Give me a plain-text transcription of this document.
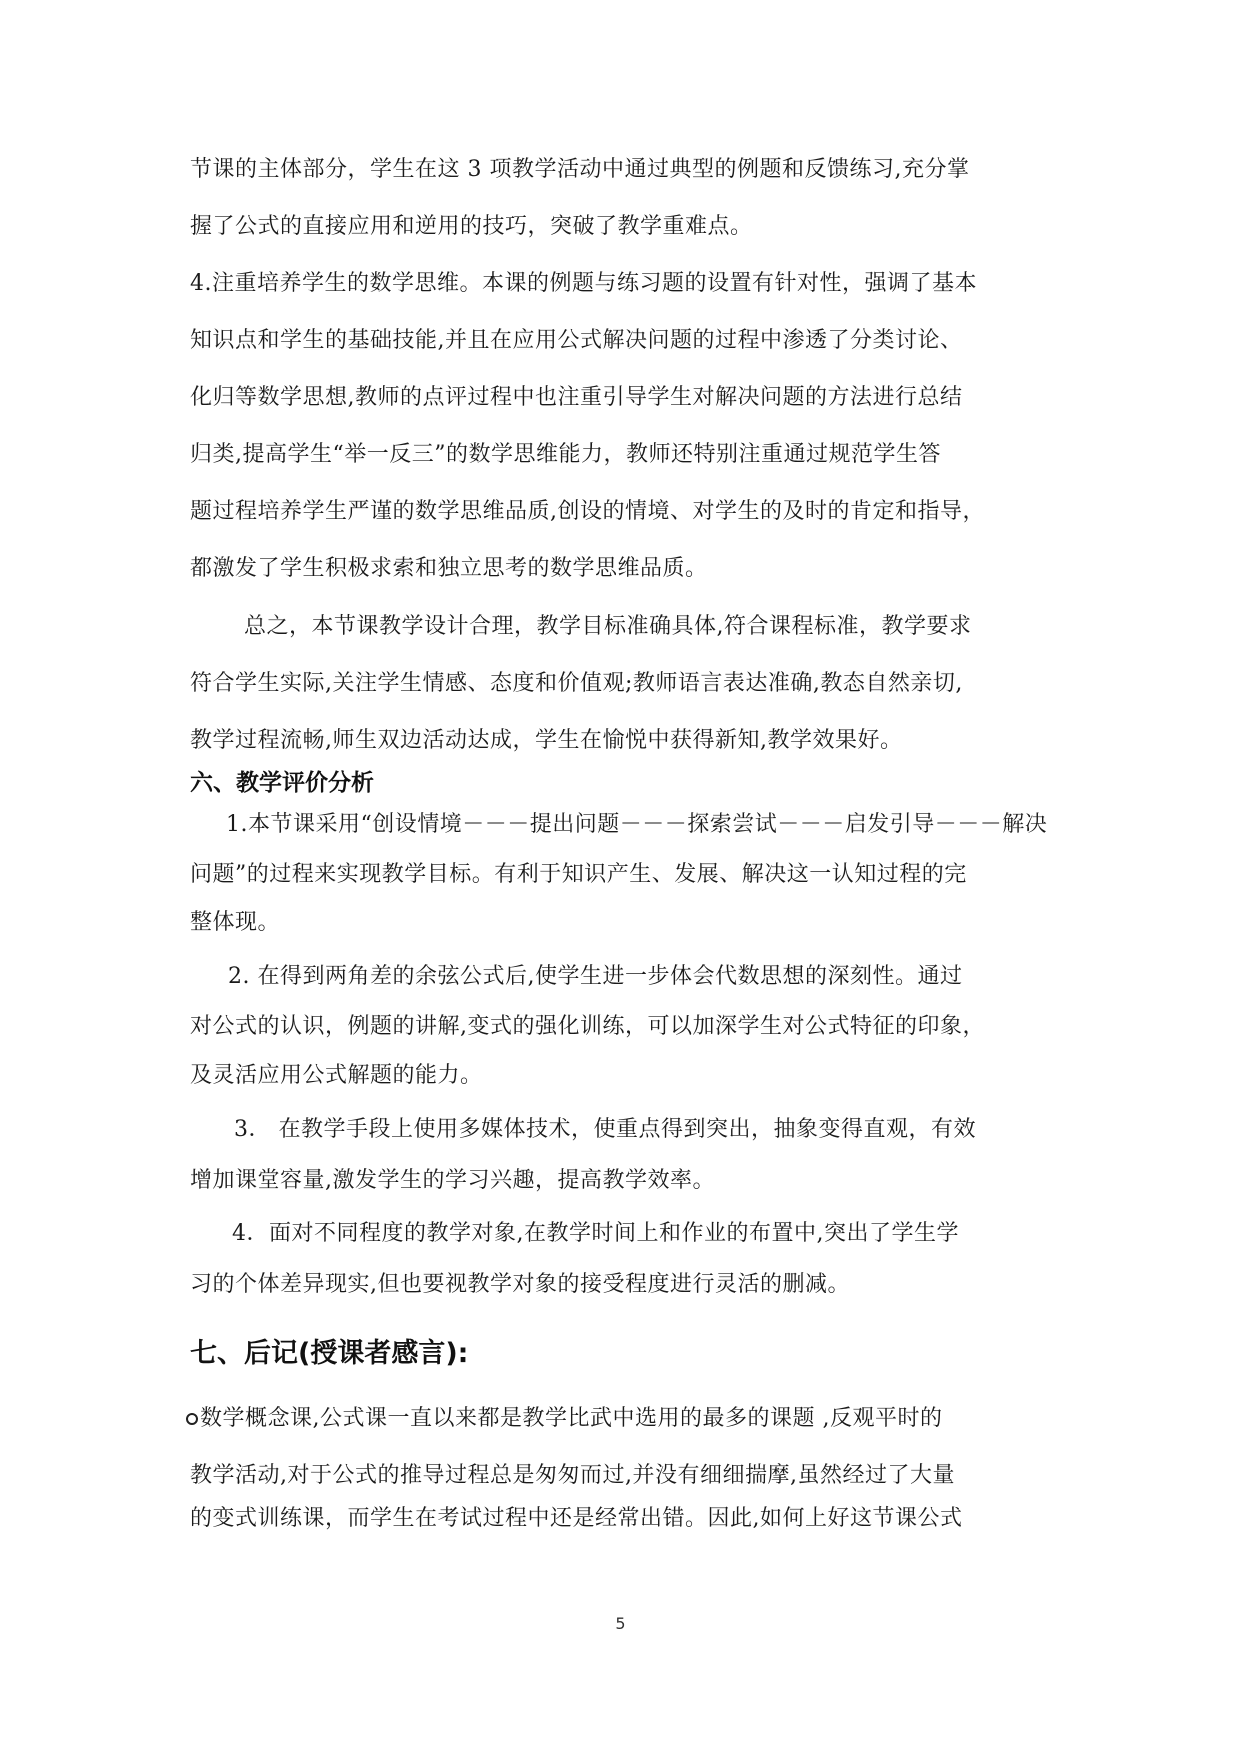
节课的主体部分，学生在这 3 项教学活动中通过典型的例题和反馈练习,充分掌
握了公式的直接应用和逆用的技巧，突破了教学重难点。
4.注重培养学生的数学思维。本课的例题与练习题的设置有针对性，强调了基本
知识点和学生的基础技能,并且在应用公式解决问题的过程中渗透了分类讨论、
化归等数学思想,教师的点评过程中也注重引导学生对解决问题的方法进行总结
归类,提高学生“举一反三”的数学思维能力，教师还特别注重通过规范学生答
题过程培养学生严谨的数学思维品质,创设的情境、对学生的及时的肯定和指导，
都激发了学生积极求索和独立思考的数学思维品质。
总之，本节课教学设计合理，教学目标准确具体,符合课程标准，教学要求
符合学生实际,关注学生情感、态度和价值观;教师语言表达准确,教态自然亲切,
教学过程流畅,师生双边活动达成，学生在愉悦中获得新知,教学效果好。
六、教学评价分析
1.本节课采用“创设情境－－－提出问题－－－探索尝试－－－启发引导－－－解决
问题”的过程来实现教学目标。有利于知识产生、发展、解决这一认知过程的完
整体现。
2. 在得到两角差的余弦公式后,使学生进一步体会代数思想的深刻性。通过
对公式的认识，例题的讲解,变式的强化训练，可以加深学生对公式特征的印象，
及灵活应用公式解题的能力。
3． 在教学手段上使用多媒体技术，使重点得到突出，抽象变得直观，有效
增加课堂容量,激发学生的学习兴趣，提高教学效率。
4．面对不同程度的教学对象,在教学时间上和作业的布置中,突出了学生学
习的个体差异现实,但也要视教学对象的接受程度进行灵活的删减。
七、后记(授课者感言):
数学概念课,公式课一直以来都是教学比武中选用的最多的课题 ,反观平时的
教学活动,对于公式的推导过程总是匆匆而过,并没有细细揣摩,虽然经过了大量
的变式训练课，而学生在考试过程中还是经常出错。因此,如何上好这节课公式
5
